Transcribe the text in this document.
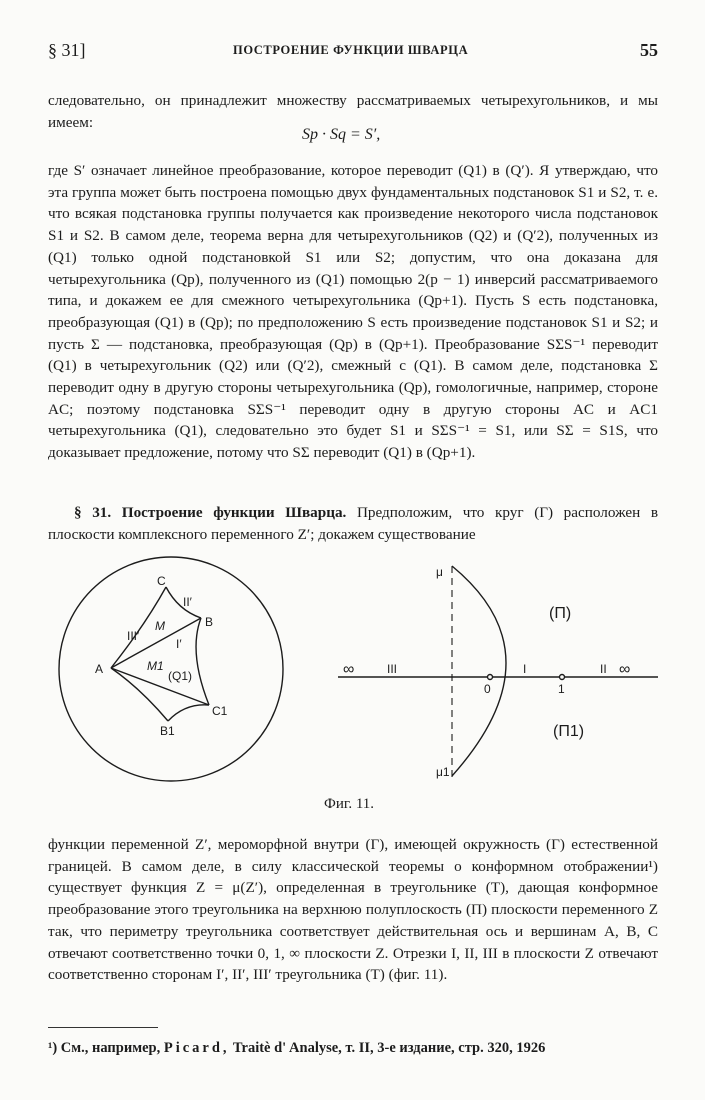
§ 31]	ПОСТРОЕНИЕ ФУНКЦИИ ШВАРЦА	55
следовательно, он принадлежит множеству рассматриваемых четырехугольников, и мы имеем:
Sp · Sq = S′,
где S′ означает линейное преобразование, которое переводит (Q1) в (Q′). Я утверждаю, что эта группа может быть построена помощью двух фундаментальных подстановок S1 и S2, т. е. что всякая подстановка группы получается как произведение некоторого числа подстановок S1 и S2. В самом деле, теорема верна для четырехугольников (Q2) и (Q′2), полученных из (Q1) только одной подстановкой S1 или S2; допустим, что она доказана для четырехугольника (Qp), полученного из (Q1) помощью 2(p − 1) инверсий рассматриваемого типа, и докажем ее для смежного четырехугольника (Qp+1). Пусть S есть подстановка, преобразующая (Q1) в (Qp); по предположению S есть произведение подстановок S1 и S2; и пусть Σ — подстановка, преобразующая (Qp) в (Qp+1). Преобразование SΣS⁻¹ переводит (Q1) в четырехугольник (Q2) или (Q′2), смежный с (Q1). В самом деле, подстановка Σ переводит одну в другую стороны четырехугольника (Qp), гомологичные, например, стороне AC; поэтому подстановка SΣS⁻¹ переводит одну в другую стороны AC и AC1 четырехугольника (Q1), следовательно это будет S1 и SΣS⁻¹ = S1, или SΣ = S1S, что доказывает предложение, потому что SΣ переводит (Q1) в (Qp+1).
§ 31. Построение функции Шварца. Предположим, что круг (Γ) расположен в плоскости комплексного переменного Z′; докажем существование
A
B
C
C1
B1
M
M1
(Q1)
I′
II′
III′
μ
μ1
∞	III
0
I
1
II ∞
(Π)
(Π1)
Фиг. 11.
функции переменной Z′, мероморфной внутри (Γ), имеющей окружность (Γ) естественной границей. В самом деле, в силу классической теоремы о конформном отображении¹) существует функция Z = μ(Z′), определенная в треугольнике (T), дающая конформное преобразование этого треугольника на верхнюю полуплоскость (Π) плоскости переменного Z так, что периметру треугольника соответствует действительная ось и вершинам A, B, C отвечают соответственно точки 0, 1, ∞ плоскости Z. Отрезки I, II, III в плоскости Z отвечают соответственно сторонам I′, II′, III′ треугольника (T) (фиг. 11).
¹) См., например, Picard, Traitè d' Analyse, т. II, 3-е издание, стр. 320, 1926
